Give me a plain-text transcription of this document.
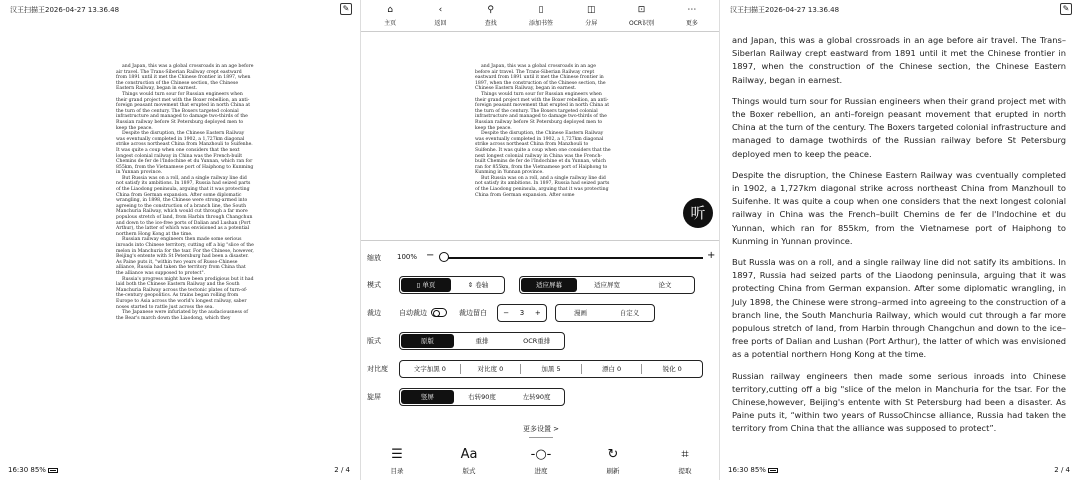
汉王扫描王2026-04-27 13.36.48	✎

and Japan, this was a global crossroads in an age before air travel. The Trans-Siberian Railway crept eastward from 1891 until it met the Chinese frontier in 1897, when the construction of the Chinese section, the Chinese Eastern Railway, began in earnest.

Things would turn sour for Russian engineers when their grand project met with the Boxer rebellion, an anti-foreign peasant movement that erupted in north China at the turn of the century. The Boxers targeted colonial infrastructure and managed to damage two-thirds of the Russian railway before St Petersburg deployed men to keep the peace.

Despite the disruption, the Chinese Eastern Railway was eventually completed in 1902, a 1,727km diagonal strike across northeast China from Manzhouli to Suifenhe. It was quite a coup when one considers that the next longest colonial railway in China was the French-built Chemins de fer de l'Indochine et du Yunnan, which ran for 855km, from the Vietnamese port of Haiphong to Kunming in Yunnan province.

But Russia was on a roll, and a single railway line did not satisfy its ambitions. In 1897, Russia had seized parts of the Liaodong peninsula, arguing that it was protecting China from German expansion. After some diplomatic wrangling, in 1898, the Chinese were strong-armed into agreeing to the construction of a branch line, the South Manchuria Railway, which would cut through a far more populous stretch of land, from Harbin through Changchun and down to the ice-free ports of Dalian and Lushan (Port Arthur), the latter of which was envisioned as a potential northern Hong Kong at the time.

Russian railway engineers then made some serious inroads into Chinese territory, cutting off a big "slice of the melon in Manchuria for the tsar. For the Chinese, however, Beijing's entente with St Petersburg had been a disaster. As Paine puts it, "within two years of Russo-Chinese alliance, Russia had taken the territory from China that the alliance was supposed to protect".

Russia's progress might have been prodigious but it had laid both the Chinese Eastern Railway and the South Manchuria Railway across the tectonic plates of turn-of-the-century geopolitics. As trains began rolling from Europe to Asia across the world's longest railway, saber noses started to rattle just across the sea.

The Japanese were infuriated by the audaciousness of the Bear's march down the Liaodong, which they

16:30 85%	2 / 4
⌂
主页
‹
返回
⚲
查找
▯
添加书签
◫
分屏
⊡
OCR识别
⋯
更多

and Japan, this was a global crossroads in an age before air travel. The Trans-Siberian Railway crept eastward from 1891 until it met the Chinese frontier in 1897, when the construction of the Chinese section, the Chinese Eastern Railway, began in earnest.

Things would turn sour for Russian engineers when their grand project met with the Boxer rebellion, an anti-foreign peasant movement that erupted in north China at the turn of the century. The Boxers targeted colonial infrastructure and managed to damage two-thirds of the Russian railway before St Petersburg deployed men to keep the peace.

Despite the disruption, the Chinese Eastern Railway was eventually completed in 1902, a 1,727km diagonal strike across northeast China from Manzhouli to Suifenhe. It was quite a coup when one considers that the next longest colonial railway in China was the French-built Chemins de fer de l'Indochine et du Yunnan, which ran for 855km, from the Vietnamese port of Haiphong to Kunming in Yunnan province.

But Russia was on a roll, and a single railway line did not satisfy its ambitions. In 1897, Russia had seized parts of the Liaodong peninsula, arguing that it was protecting China from German expansion. After some

听
缩放 100% −	+
模式	▯ 单页	⇕ 卷轴	适应屏幕	适应屏宽	论文
裁边	自动裁边	裁边留白 − 3 +	漫画	自定义
版式	原版	重排	OCR重排
对比度	文字加黑 0	对比度 0	加黑 5	漂白 0	锐化 0
旋屏	竖屏	右转90度	左转90度
更多设置 >
☰
目录
Aa
版式
-○-
进度
↻
刷新
⌗
提取
汉王扫描王2026-04-27 13.36.48	✎

and Japan, this was a global crossroads in an age before air travel. The Trans–Siberlan Railway crept eastward from 1891 until it met the Chinese frontier in 1897, when the construction of the Chinese section, the Chinese Eastern Railway, began in earnest.

Things would turn sour for Russian engineers when their grand project met with the Boxer rebellion, an anti–foreign peasant movement that erupted in north China at the turn of the century. The Boxers targeted colonial infrastructure and managed to damage twothirds of the Russian railway before St Petersburg deployed men to keep the peace.

Despite the disruption, the Chinese Eastern Railway was cventually completed in 1902, a 1,727km diagonal strike across northeast China from Manzhoull to Suifenhe. It was quite a coup when one considers that the next longest colonial railway in China was the French–built Chemins de fer de l'Indochine et du Yunnan, which ran for 855km, from the Vietnamese port of Haiphong to Kunming in Yunnan province.

But Russla was on a roll, and a single railway line did not satify its ambitions. In 1897, Russia had seized parts of the Liaodong peninsula, arguing that it was protecting China from German expansion. After some diplomatic wrangling, in July 1898, the Chinese were strong–armed into agreeing to the construction of a branch line, the South Manchuria Railway, which would cut through a far more populous stretch of land, from Harbin through Changchun and down to the ice–free ports of Dalian and Lushan (Port Arthur), the latter of which was envisioned as a potential northern Hong Kong at the time.

Russian railway engineers then made some serious inroads into Chinese territory,cutting off a big "slice of the melon in Manchuria for the tsar. For the Chinese,however, Beijing's entente with St Petersburg had been a disaster. As Paine puts it, “within two years of RussoChincse alliance, Russia had taken the territory from China that the alliance was supposed to protect”.

16:30 85%	2 / 4
